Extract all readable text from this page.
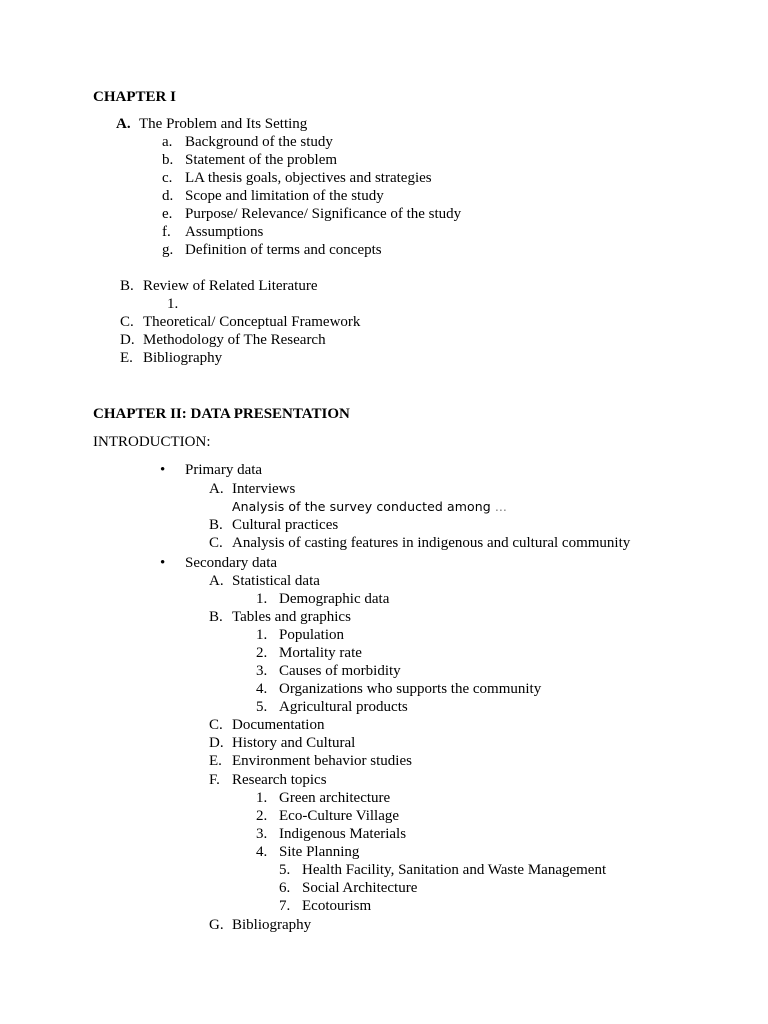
CHAPTER I
A. The Problem and Its Setting
a. Background of the study
b. Statement of the problem
c. LA thesis goals, objectives and strategies
d. Scope and limitation of the study
e. Purpose/ Relevance/ Significance of the study
f. Assumptions
g. Definition of terms and concepts
B. Review of Related Literature
1.
C. Theoretical/ Conceptual Framework
D. Methodology of The Research
E. Bibliography
CHAPTER II: DATA PRESENTATION
INTRODUCTION:
• Primary data
A. Interviews
Analysis of the survey conducted among …
B. Cultural practices
C. Analysis of casting features in indigenous and cultural community
• Secondary data
A. Statistical data
1. Demographic data
B. Tables and graphics
1. Population
2. Mortality rate
3. Causes of morbidity
4. Organizations who supports the community
5. Agricultural products
C. Documentation
D. History and Cultural
E. Environment behavior studies
F. Research topics
1. Green architecture
2. Eco-Culture Village
3. Indigenous Materials
4. Site Planning
5. Health Facility, Sanitation and Waste Management
6. Social Architecture
7. Ecotourism
G. Bibliography
